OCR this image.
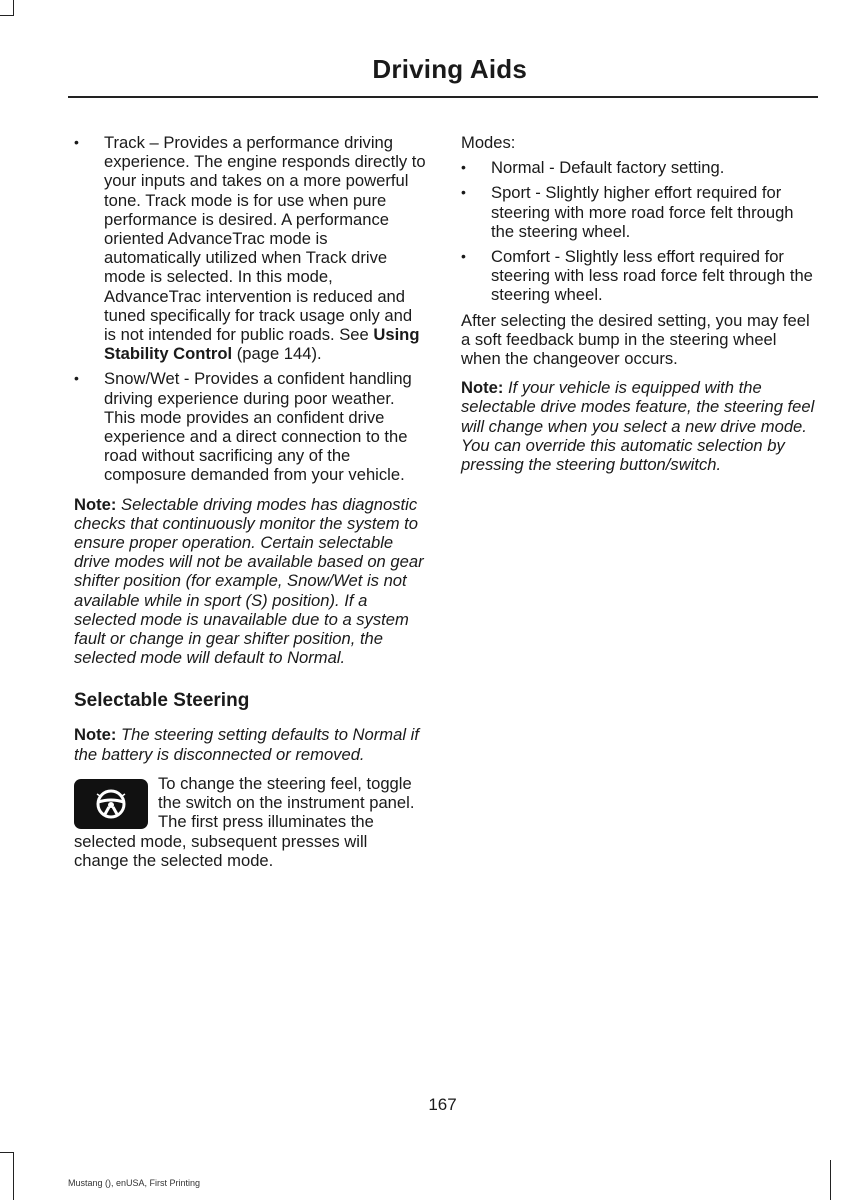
Driving Aids
•	Track – Provides a performance driving experience. The engine responds directly to your inputs and takes on a more powerful tone. Track mode is for use when pure performance is desired. A performance oriented AdvanceTrac mode is automatically utilized when Track drive mode is selected. In this mode, AdvanceTrac intervention is reduced and tuned specifically for track usage only and is not intended for public roads. See Using Stability Control (page 144).
•	Snow/Wet - Provides a confident handling driving experience during poor weather. This mode provides an confident drive experience and a direct connection to the road without sacrificing any of the composure demanded from your vehicle.

Note: Selectable driving modes has diagnostic checks that continuously monitor the system to ensure proper operation. Certain selectable drive modes will not be available based on gear shifter position (for example, Snow/Wet is not available while in sport (S) position). If a selected mode is unavailable due to a system fault or change in gear shifter position, the selected mode will default to Normal.

Selectable Steering

Note: The steering setting defaults to Normal if the battery is disconnected or removed.

To change the steering feel, toggle the switch on the instrument panel. The first press illuminates the selected mode, subsequent presses will change the selected mode.

Modes:

•	Normal - Default factory setting.
•	Sport - Slightly higher effort required for steering with more road force felt through the steering wheel.
•	Comfort - Slightly less effort required for steering with less road force felt through the steering wheel.

After selecting the desired setting, you may feel a soft feedback bump in the steering wheel when the changeover occurs.

Note: If your vehicle is equipped with the selectable drive modes feature, the steering feel will change when you select a new drive mode. You can override this automatic selection by pressing the steering button/switch.

167
Mustang (), enUSA, First Printing
